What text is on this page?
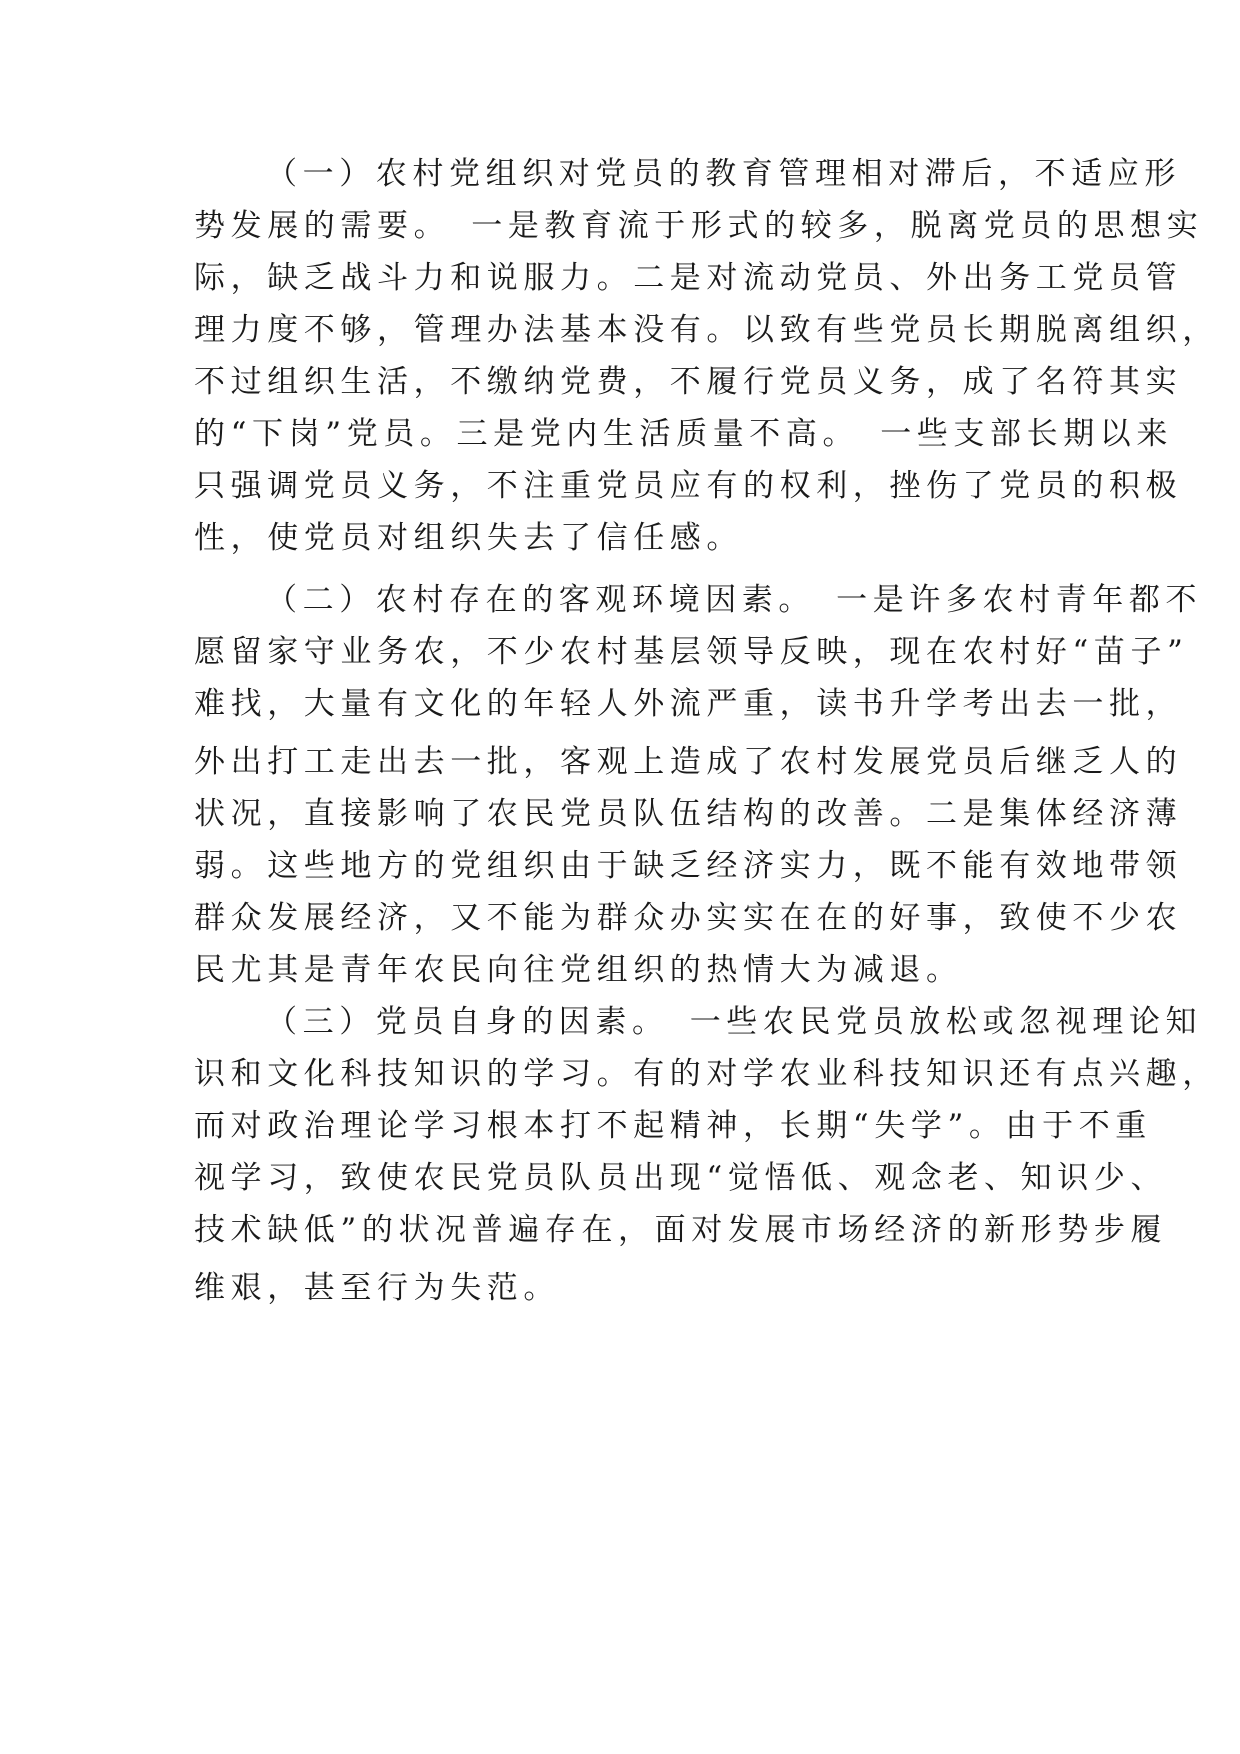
（一）农村党组织对党员的教育管理相对滞后，不适应形
势发展的需要。　一是教育流于形式的较多，脱离党员的思想实
际，缺乏战斗力和说服力。二是对流动党员、外出务工党员管
理力度不够，管理办法基本没有。以致有些党员长期脱离组织，
不过组织生活，不缴纳党费，不履行党员义务，成了名符其实
的“下岗”党员。三是党内生活质量不高。　一些支部长期以来
只强调党员义务，不注重党员应有的权利，挫伤了党员的积极
性，使党员对组织失去了信任感。
（二）农村存在的客观环境因素。　一是许多农村青年都不
愿留家守业务农，不少农村基层领导反映，现在农村好“苗子”
难找，大量有文化的年轻人外流严重，读书升学考出去一批，
外出打工走出去一批，客观上造成了农村发展党员后继乏人的
状况，直接影响了农民党员队伍结构的改善。二是集体经济薄
弱。这些地方的党组织由于缺乏经济实力，既不能有效地带领
群众发展经济，又不能为群众办实实在在的好事，致使不少农
民尤其是青年农民向往党组织的热情大为减退。
（三）党员自身的因素。　一些农民党员放松或忽视理论知
识和文化科技知识的学习。有的对学农业科技知识还有点兴趣，
而对政治理论学习根本打不起精神，长期“失学”。由于不重
视学习，致使农民党员队员出现“觉悟低、观念老、知识少、
技术缺低”的状况普遍存在，面对发展市场经济的新形势步履
维艰，甚至行为失范。
